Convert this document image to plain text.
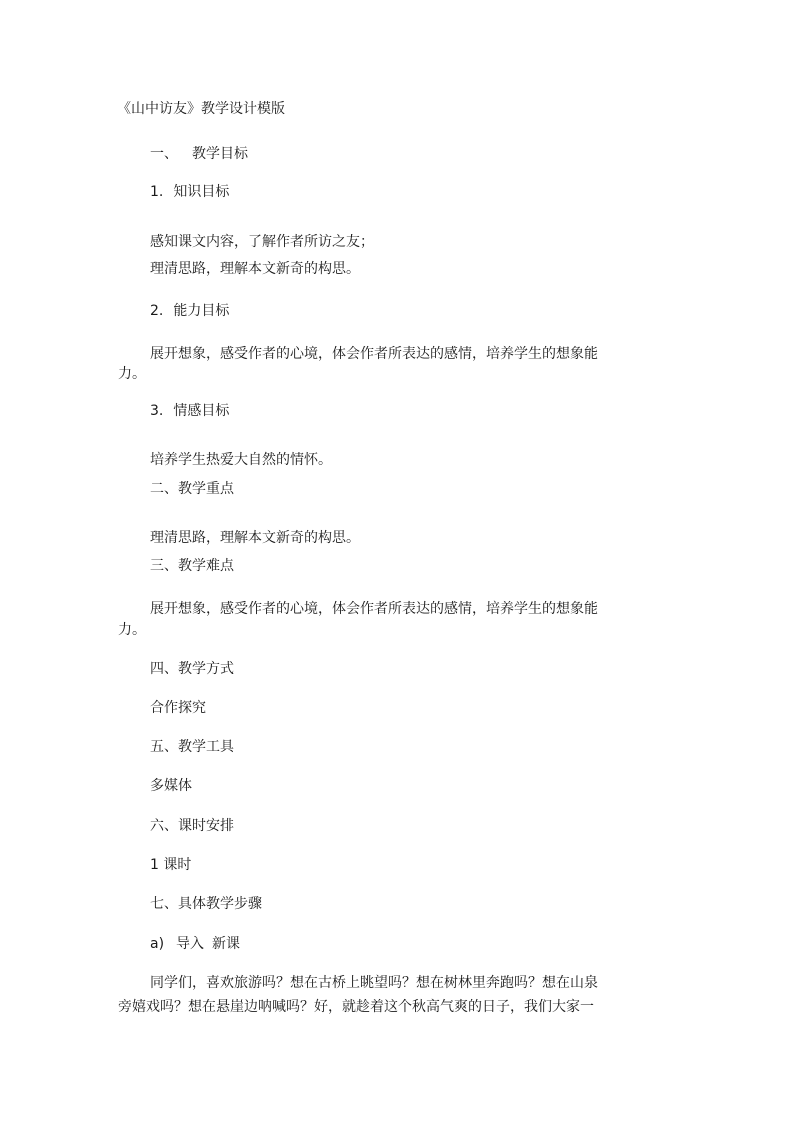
《山中访友》教学设计模版
一、 教学目标
1. 知识目标
感知课文内容，了解作者所访之友；
理清思路，理解本文新奇的构思。
2. 能力目标
展开想象，感受作者的心境，体会作者所表达的感情，培养学生的想象能
力。
3. 情感目标
培养学生热爱大自然的情怀。
二、教学重点
理清思路，理解本文新奇的构思。
三、教学难点
展开想象，感受作者的心境，体会作者所表达的感情，培养学生的想象能
力。
四、教学方式
合作探究
五、教学工具
多媒体
六、课时安排
1 课时
七、具体教学步骤
a) 导入 新课
同学们，喜欢旅游吗？想在古桥上眺望吗？想在树林里奔跑吗？想在山泉
旁嬉戏吗？想在悬崖边呐喊吗？好，就趁着这个秋高气爽的日子，我们大家一
